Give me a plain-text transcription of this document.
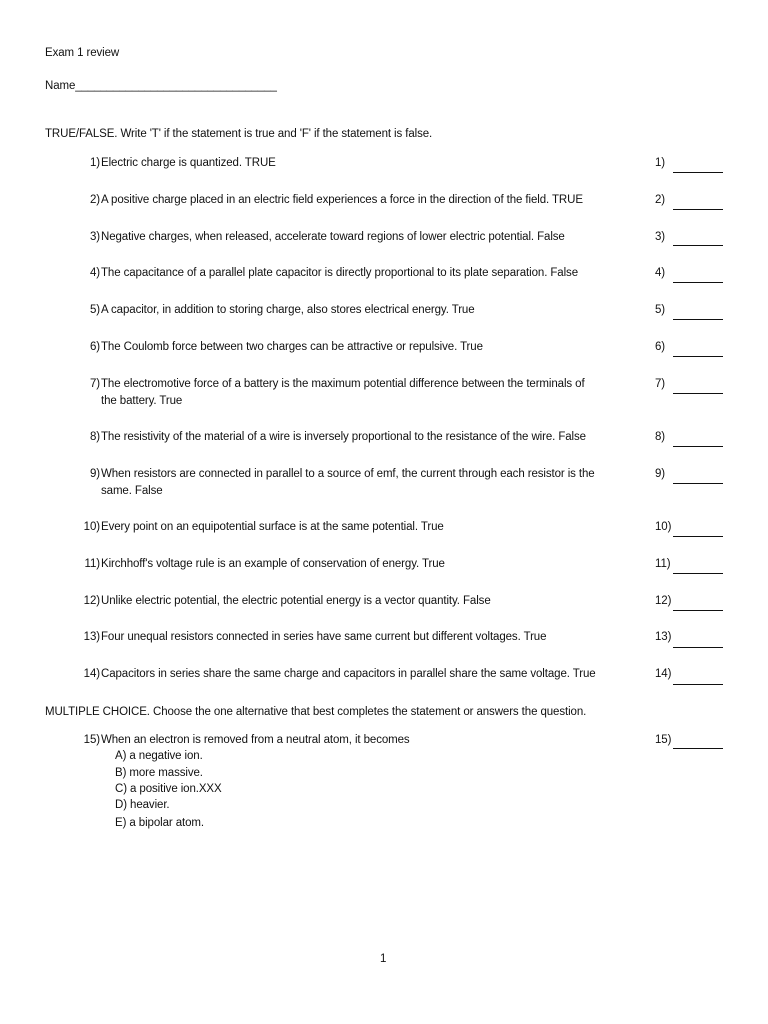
Exam 1 review
Name________________________________
TRUE/FALSE. Write 'T' if the statement is true and 'F' if the statement is false.
1) Electric charge is quantized. TRUE	1)
2) A positive charge placed in an electric field experiences a force in the direction of the field. TRUE	2)
3) Negative charges, when released, accelerate toward regions of lower electric potential. False	3)
4) The capacitance of a parallel plate capacitor is directly proportional to its plate separation. False	4)
5) A capacitor, in addition to storing charge, also stores electrical energy. True	5)
6) The Coulomb force between two charges can be attractive or repulsive. True	6)
7) The electromotive force of a battery is the maximum potential difference between the terminals of
the battery. True
7)
8) The resistivity of the material of a wire is inversely proportional to the resistance of the wire. False	8)
9) When resistors are connected in parallel to a source of emf, the current through each resistor is the
same. False
9)
10) Every point on an equipotential surface is at the same potential. True	10)
11) Kirchhoff's voltage rule is an example of conservation of energy. True	11)
12) Unlike electric potential, the electric potential energy is a vector quantity. False	12)
13) Four unequal resistors connected in series have same current but different voltages. True	13)
14) Capacitors in series share the same charge and capacitors in parallel share the same voltage. True	14)
MULTIPLE CHOICE. Choose the one alternative that best completes the statement or answers the question.
15) When an electron is removed from a neutral atom, it becomes	15)
A) a negative ion.
B) more massive.
C) a positive ion.XXX
D) heavier.
E) a bipolar atom.
1
